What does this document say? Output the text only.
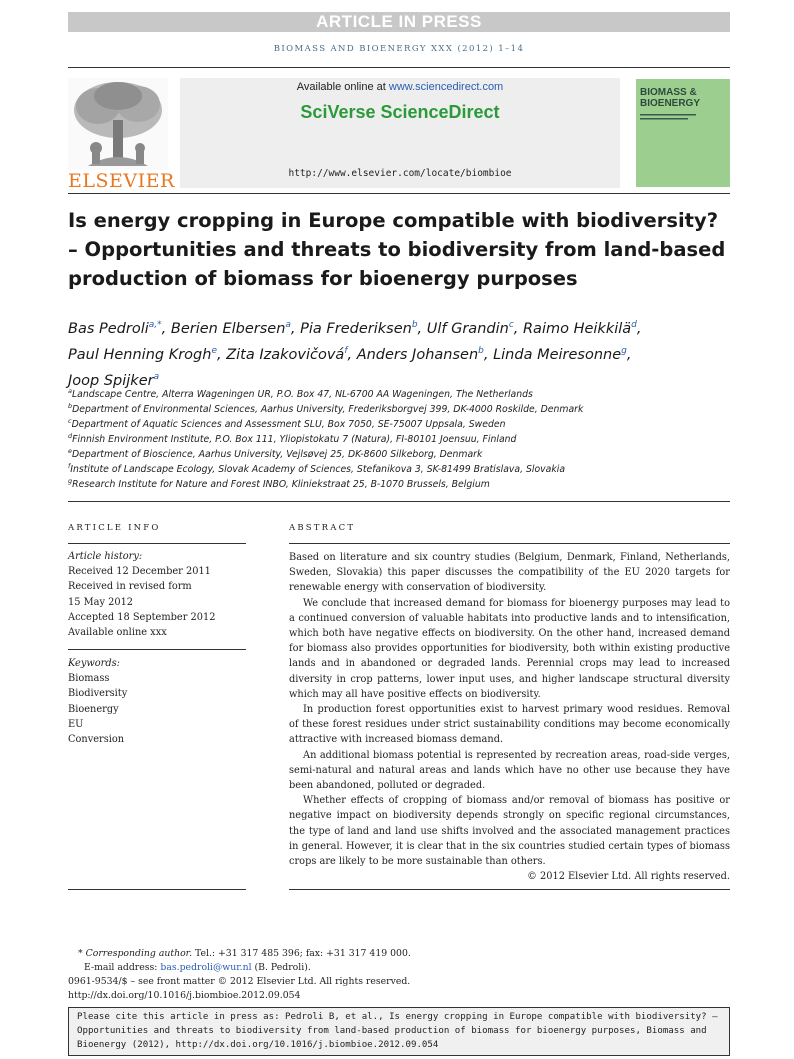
ARTICLE IN PRESS
BIOMASS AND BIOENERGY XXX (2012) 1–14
ELSEVIER
Available online at www.sciencedirect.com
SciVerse ScienceDirect
http://www.elsevier.com/locate/biombioe
BIOMASS & BIOENERGY
Is energy cropping in Europe compatible with biodiversity?
– Opportunities and threats to biodiversity from land-based
production of biomass for bioenergy purposes
Bas Pedroli$^{a,*}$, Berien Elbersen$^a$, Pia Frederiksen$^b$, Ulf Grandin$^c$, Raimo Heikkilä$^d$,
Paul Henning Krogh$^e$, Zita Izakovičová$^f$, Anders Johansen$^b$, Linda Meiresonne$^g$,
Joop Spijker$^a$
$^a$Landscape Centre, Alterra Wageningen UR, P.O. Box 47, NL-6700 AA Wageningen, The Netherlands
$^b$Department of Environmental Sciences, Aarhus University, Frederiksborgvej 399, DK-4000 Roskilde, Denmark
$^c$Department of Aquatic Sciences and Assessment SLU, Box 7050, SE-75007 Uppsala, Sweden
$^d$Finnish Environment Institute, P.O. Box 111, Yliopistokatu 7 (Natura), FI-80101 Joensuu, Finland
$^e$Department of Bioscience, Aarhus University, Vejlsøvej 25, DK-8600 Silkeborg, Denmark
$^f$Institute of Landscape Ecology, Slovak Academy of Sciences, Stefanikova 3, SK-81499 Bratislava, Slovakia
$^g$Research Institute for Nature and Forest INBO, Kliniekstraat 25, B-1070 Brussels, Belgium
ARTICLE INFO
Article history:
Received 12 December 2011
Received in revised form
15 May 2012
Accepted 18 September 2012
Available online xxx
Keywords:
Biomass
Biodiversity
Bioenergy
EU
Conversion
ABSTRACT

Based on literature and six country studies (Belgium, Denmark, Finland, Netherlands, Sweden, Slovakia) this paper discusses the compatibility of the EU 2020 targets for renewable energy with conservation of biodiversity.

We conclude that increased demand for biomass for bioenergy purposes may lead to a continued conversion of valuable habitats into productive lands and to intensification, which both have negative effects on biodiversity. On the other hand, increased demand for biomass also provides opportunities for biodiversity, both within existing productive lands and in abandoned or degraded lands. Perennial crops may lead to increased diversity in crop patterns, lower input uses, and higher landscape structural diversity which may all have positive effects on biodiversity.

In production forest opportunities exist to harvest primary wood residues. Removal of these forest residues under strict sustainability conditions may become economically attractive with increased biomass demand.

An additional biomass potential is represented by recreation areas, road-side verges, semi-natural and natural areas and lands which have no other use because they have been abandoned, polluted or degraded.

Whether effects of cropping of biomass and/or removal of biomass has positive or negative impact on biodiversity depends strongly on specific regional circumstances, the type of land and land use shifts involved and the associated management practices in general. However, it is clear that in the six countries studied certain types of biomass crops are likely to be more sustainable than others.

© 2012 Elsevier Ltd. All rights reserved.
* Corresponding author. Tel.: +31 317 485 396; fax: +31 317 419 000.
E-mail address: bas.pedroli@wur.nl (B. Pedroli).
0961-9534/$ – see front matter © 2012 Elsevier Ltd. All rights reserved.
http://dx.doi.org/10.1016/j.biombioe.2012.09.054
Please cite this article in press as: Pedroli B, et al., Is energy cropping in Europe compatible with biodiversity? – Opportunities and threats to biodiversity from land-based production of biomass for bioenergy purposes, Biomass and Bioenergy (2012), http://dx.doi.org/10.1016/j.biombioe.2012.09.054
